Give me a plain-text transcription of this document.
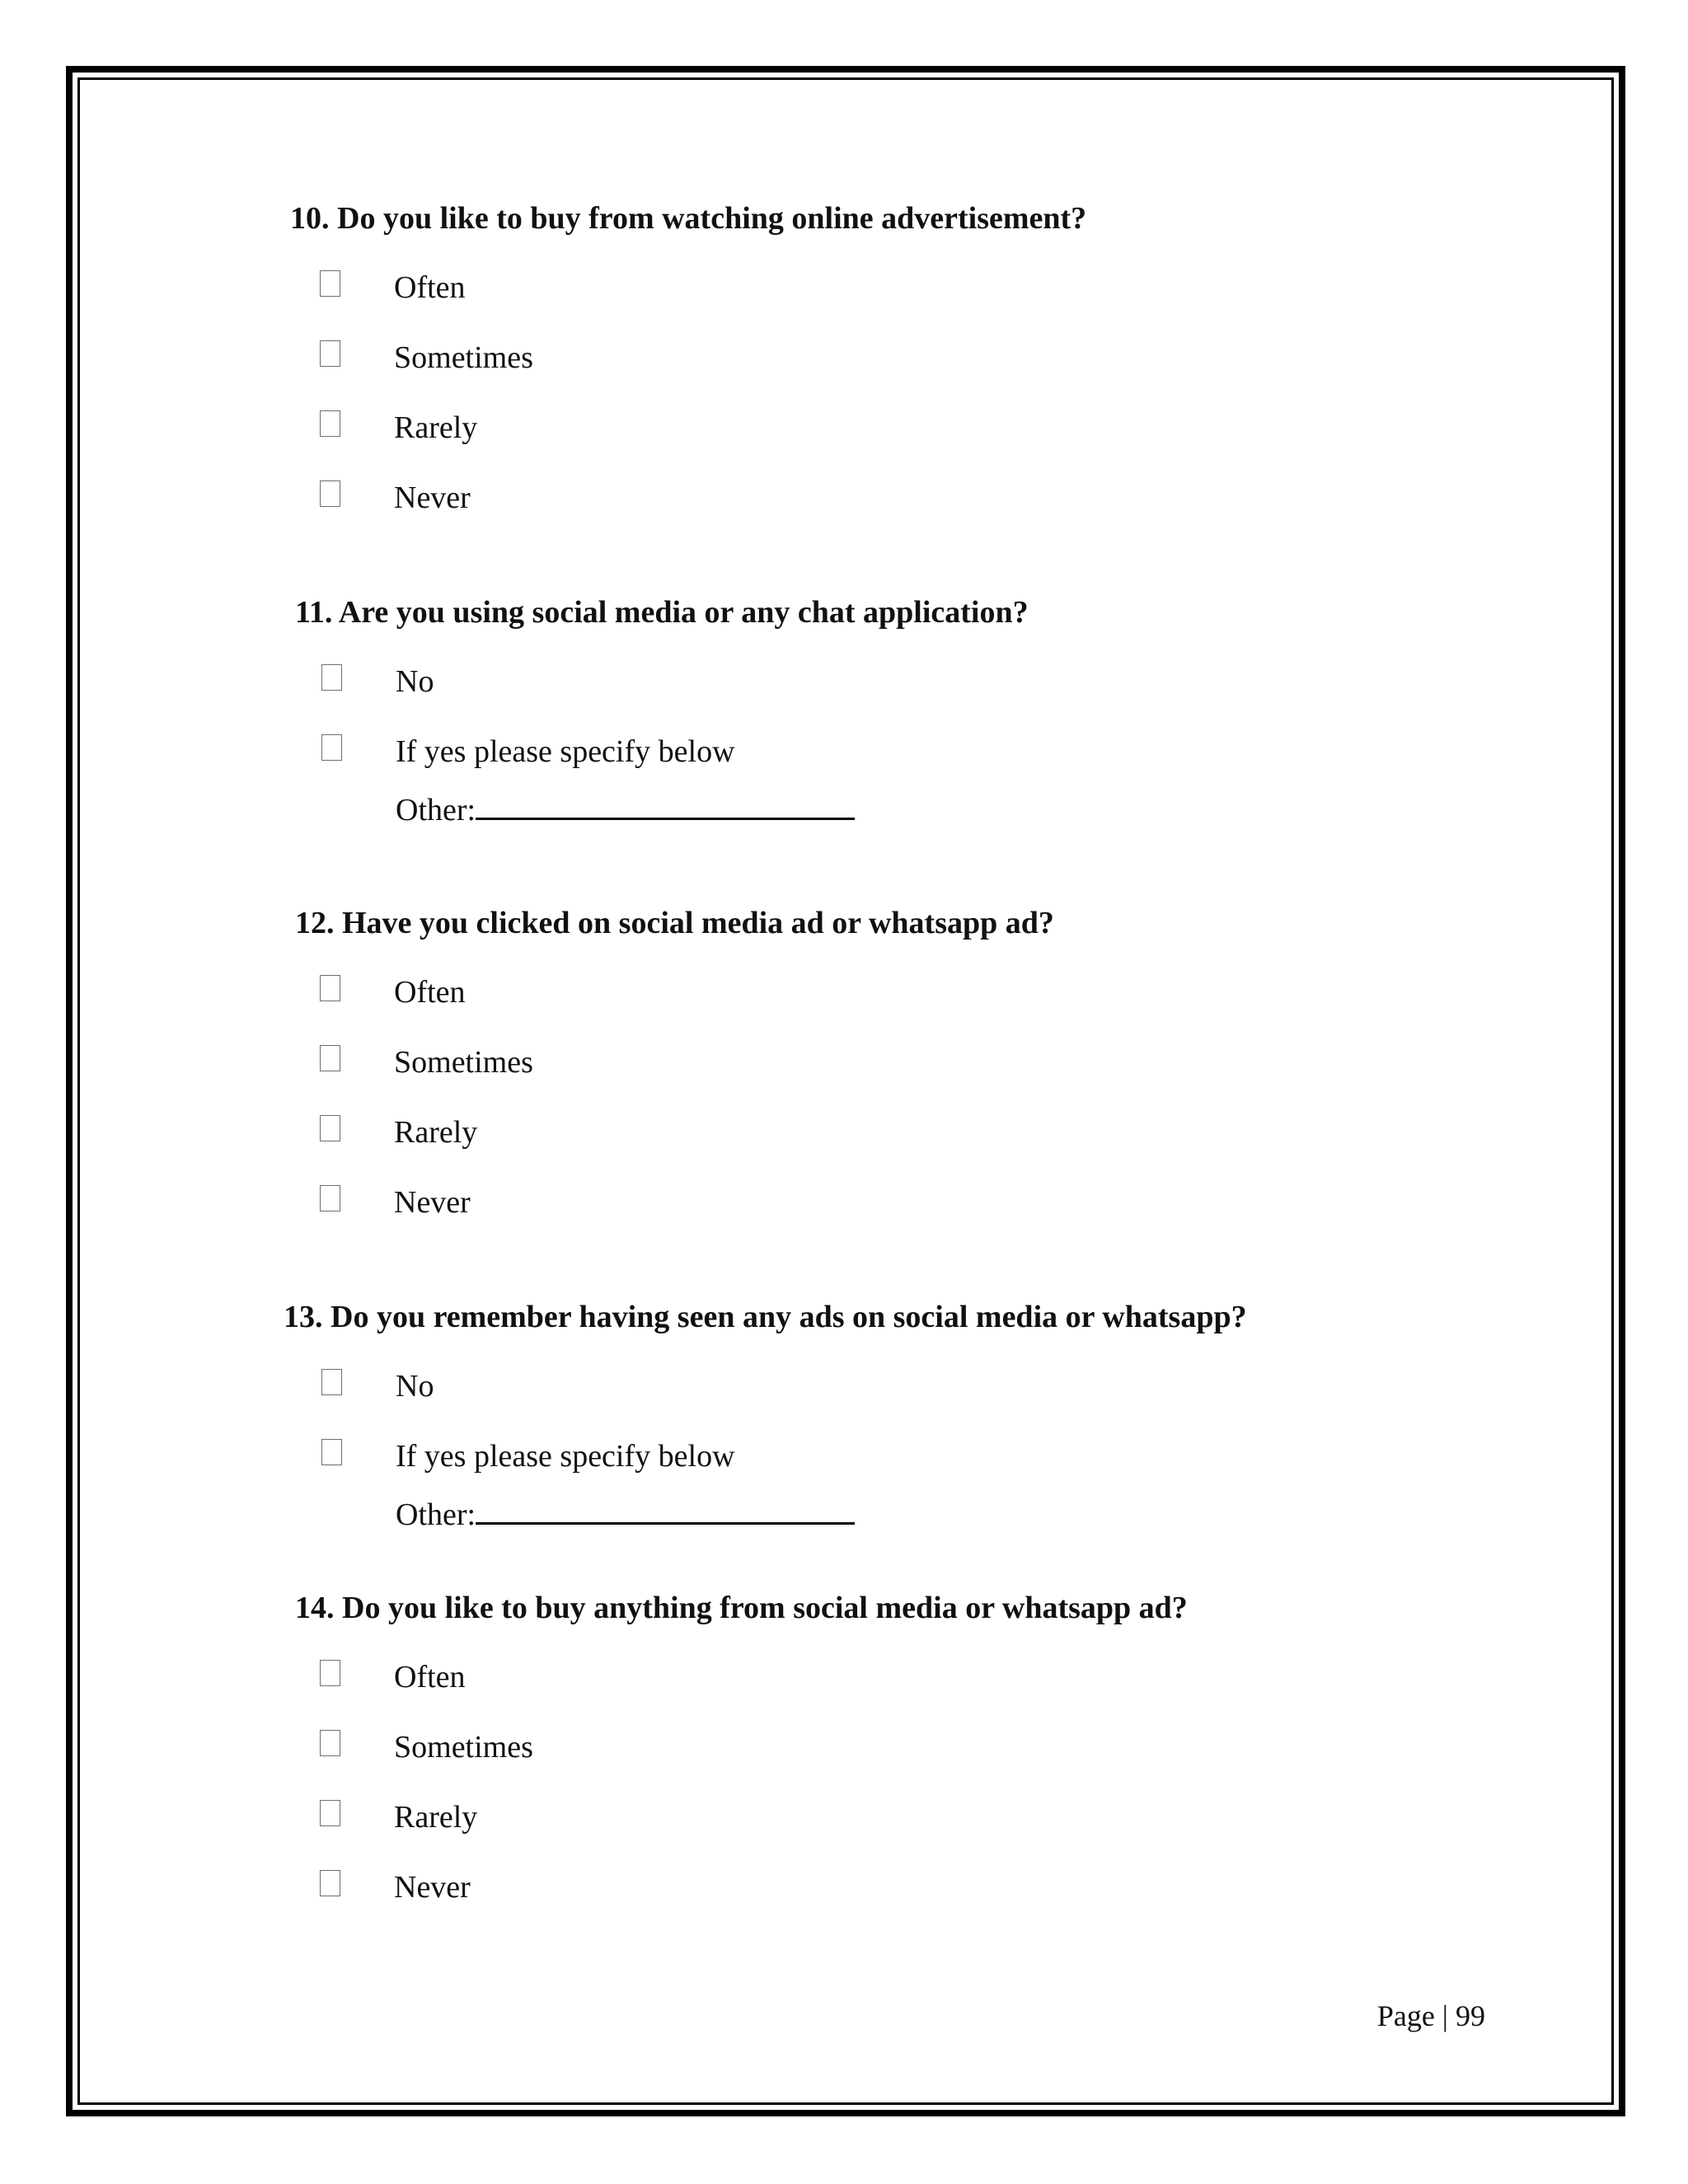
10. Do you like to buy from watching online advertisement?
Often
Sometimes
Rarely
Never
11. Are you using social media or any chat application?
No
If yes please specify below
Other:
12. Have you clicked on social media ad or whatsapp ad?
Often
Sometimes
Rarely
Never
13. Do you remember having seen any ads on social media or whatsapp?
No
If yes please specify below
Other:
14. Do you like to buy anything from social media or whatsapp ad?
Often
Sometimes
Rarely
Never
Page | 99
